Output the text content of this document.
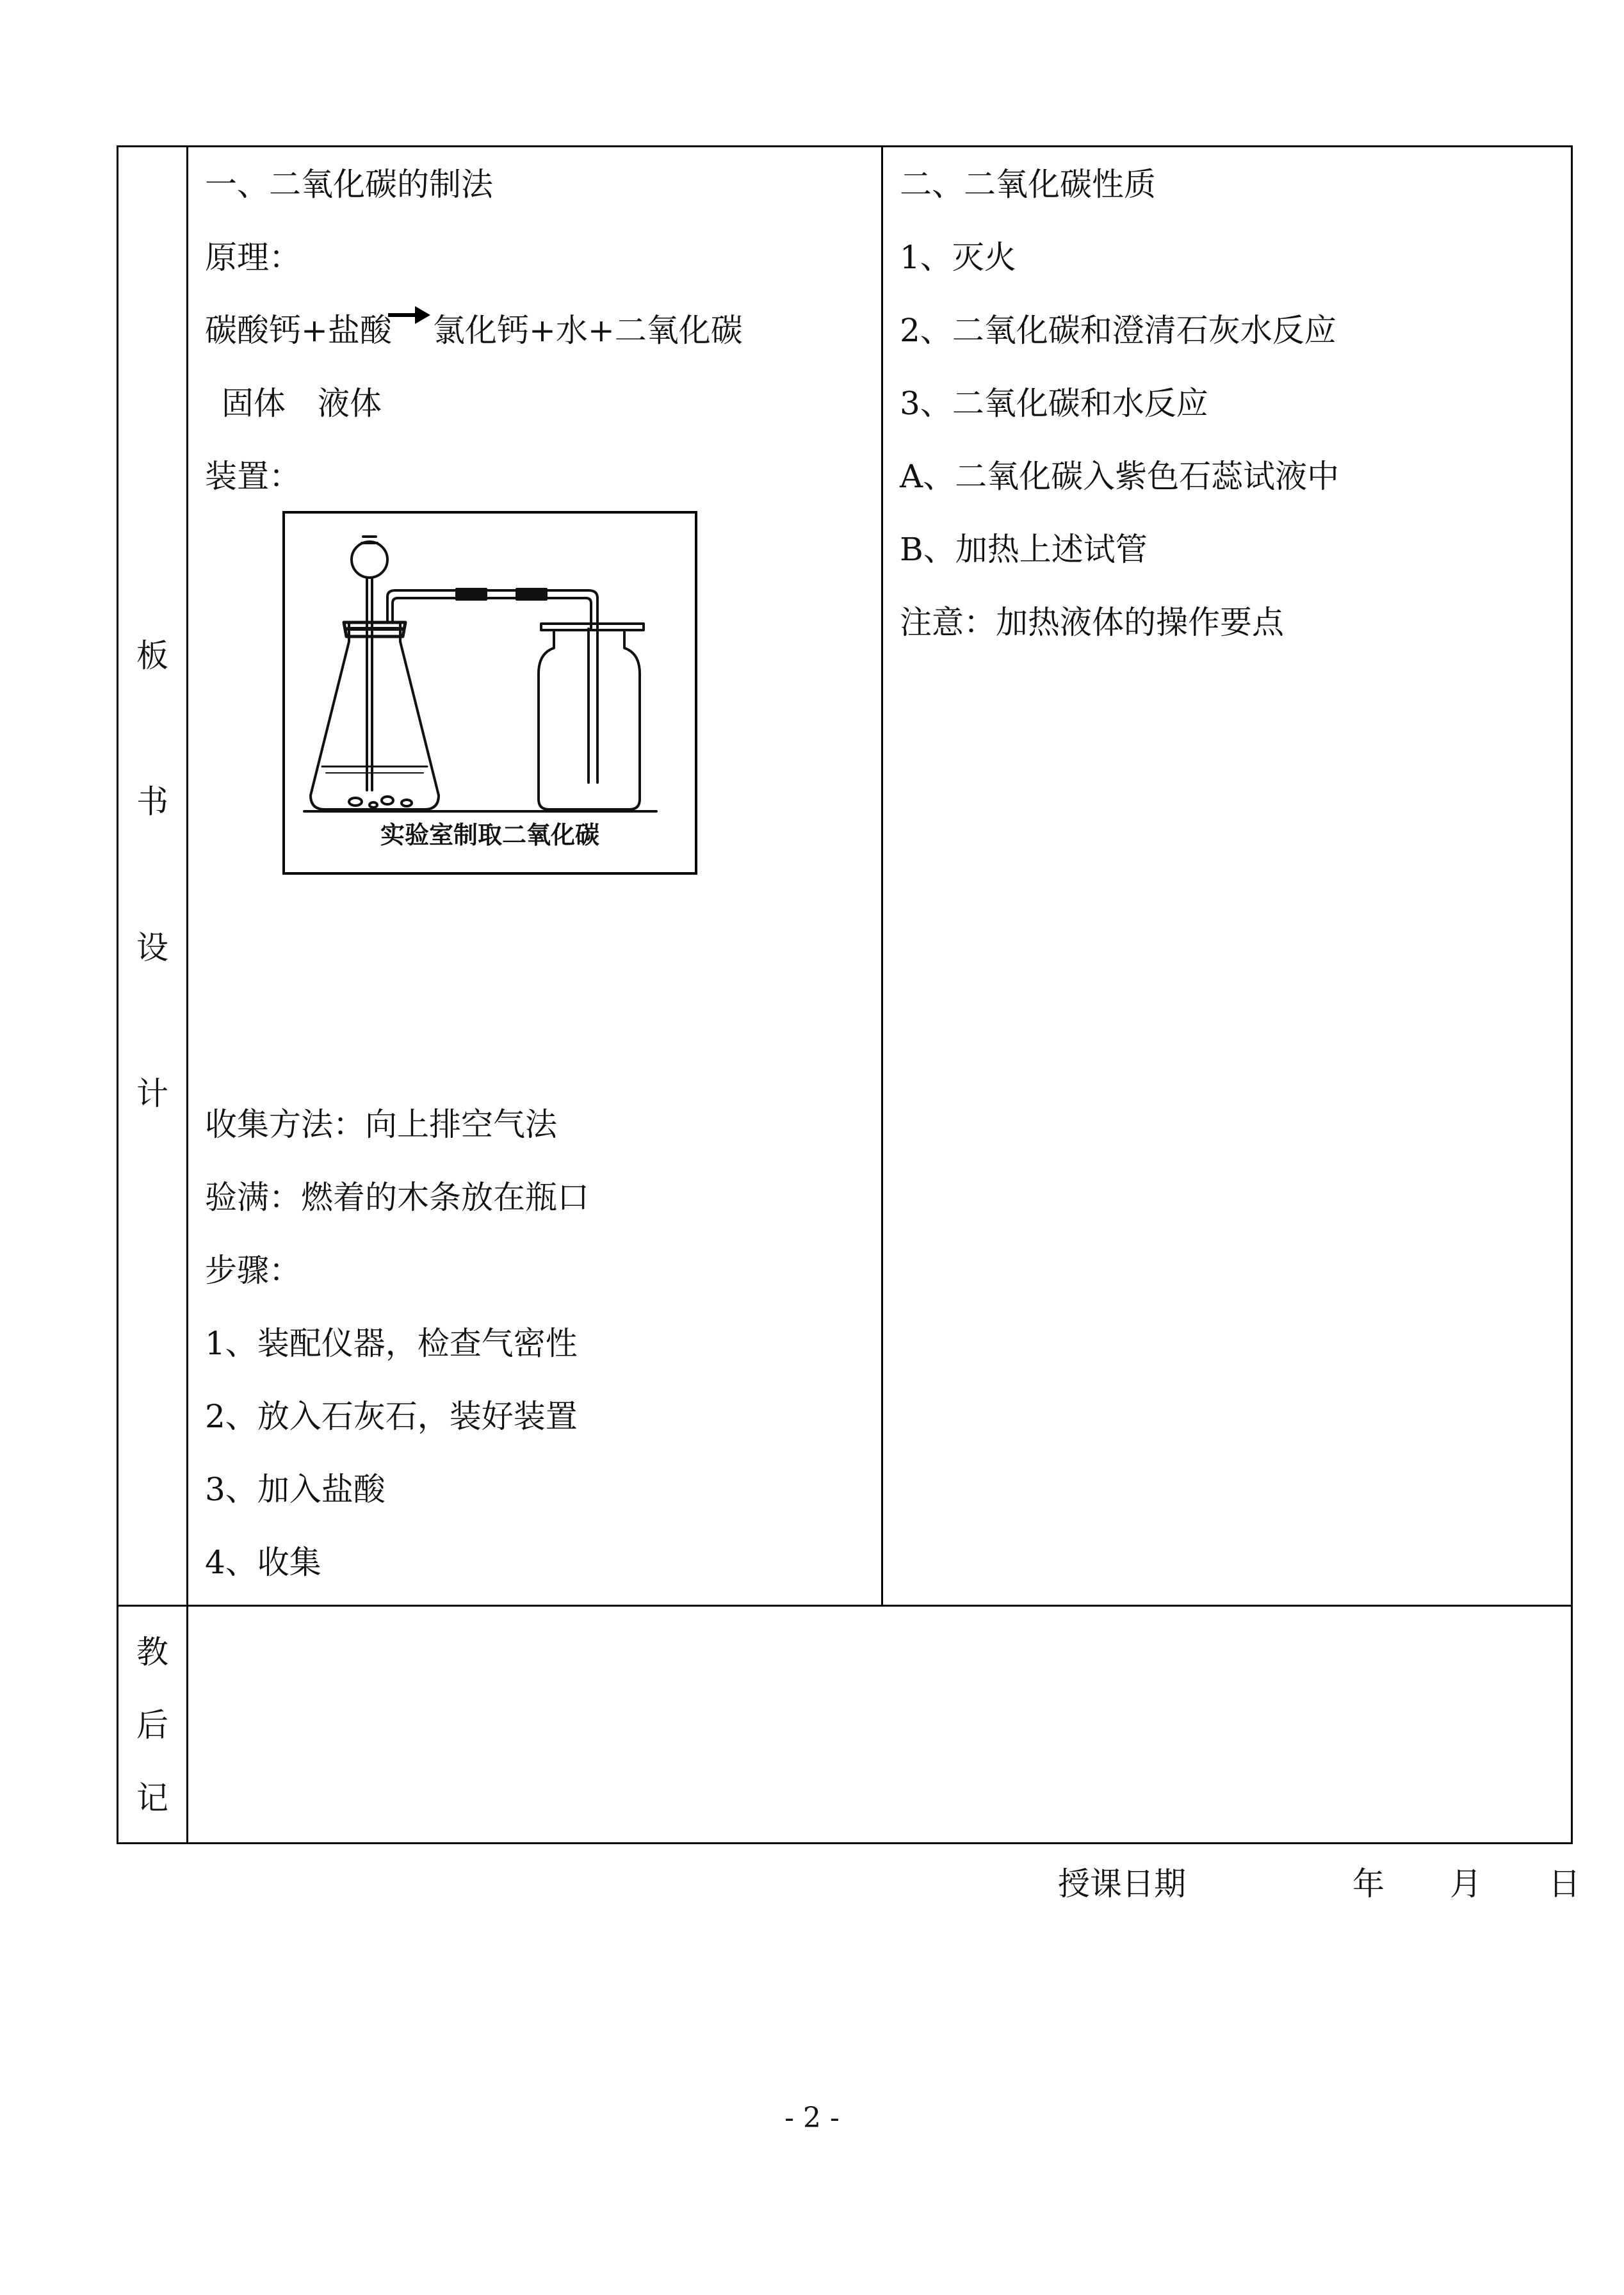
板
书
设
计
一、二氧化碳的制法
原理：
碳酸钙+盐酸 氯化钙+水+二氧化碳
固体　液体
装置：
实验室制取二氧化碳
收集方法：向上排空气法
验满：燃着的木条放在瓶口
步骤：
1、装配仪器，检查气密性
2、放入石灰石，装好装置
3、加入盐酸
4、收集
二、二氧化碳性质
1、灭火
2、二氧化碳和澄清石灰水反应
3、二氧化碳和水反应
A、二氧化碳入紫色石蕊试液中
B、加热上述试管
注意：加热液体的操作要点
教
后
记
授课日期	年 月 日
- 2 -
